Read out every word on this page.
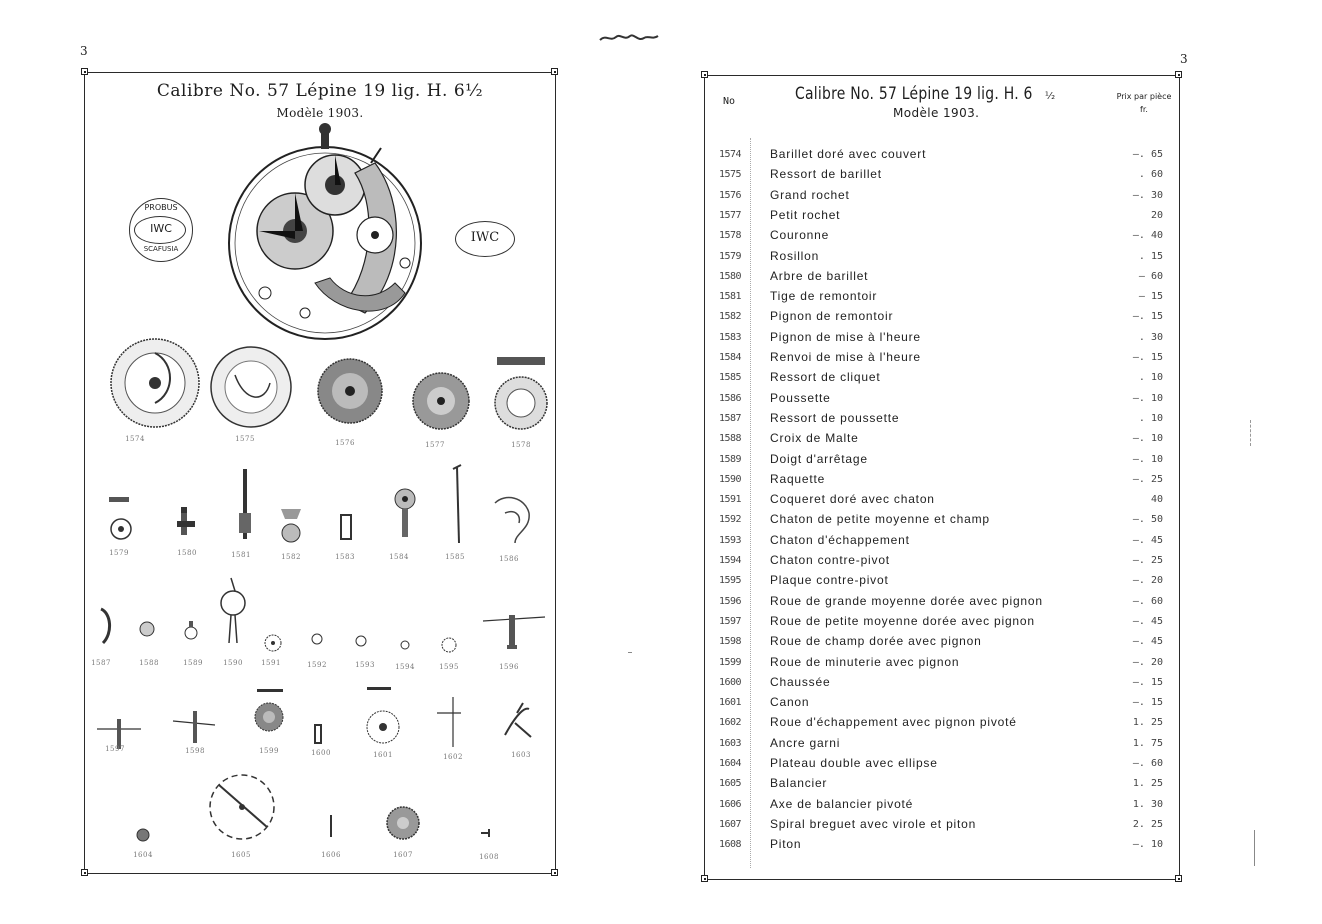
3
Calibre No. 57 Lépine 19 lig. H. 6¹⁄₂
Modèle 1903.
PROBUS
IWC
SCAFUSIA
IWC
1574	1575	1576	1577	1578
1579	1580	1581	1582	1583	1584	1585	1586
1587	1588	1589	1590	1591	1592	1593	1594	1595	1596
1597	1598	1599	1600	1601	1602	1603
1604	1605	1606	1607	1608
3
No	Calibre No. 57 Lépine 19 lig. H. 6 ¹⁄₂
Modèle 1903.
Prix par pièce
fr.
1574	Barillet doré avec couvert	—. 65
1575	Ressort de barillet	. 60
1576	Grand rochet	—. 30
1577	Petit rochet	20
1578	Couronne	—. 40
1579	Rosillon	. 15
1580	Arbre de barillet	— 60
1581	Tige de remontoir	— 15
1582	Pignon de remontoir	—. 15
1583	Pignon de mise à l'heure	. 30
1584	Renvoi de mise à l'heure	—. 15
1585	Ressort de cliquet	. 10
1586	Poussette	—. 10
1587	Ressort de poussette	. 10
1588	Croix de Malte	—. 10
1589	Doigt d'arrêtage	—. 10
1590	Raquette	—. 25
1591	Coqueret doré avec chaton	40
1592	Chaton de petite moyenne et champ	—. 50
1593	Chaton d'échappement	—. 45
1594	Chaton contre-pivot	—. 25
1595	Plaque contre-pivot	—. 20
1596	Roue de grande moyenne dorée avec pignon	—. 60
1597	Roue de petite moyenne dorée avec pignon	—. 45
1598	Roue de champ dorée avec pignon	—. 45
1599	Roue de minuterie avec pignon	—. 20
1600	Chaussée	—. 15
1601	Canon	—. 15
1602	Roue d'échappement avec pignon pivoté	1. 25
1603	Ancre garni	1. 75
1604	Plateau double avec ellipse	—. 60
1605	Balancier	1. 25
1606	Axe de balancier pivoté	1. 30
1607	Spiral breguet avec virole et piton	2. 25
1608	Piton	—. 10
